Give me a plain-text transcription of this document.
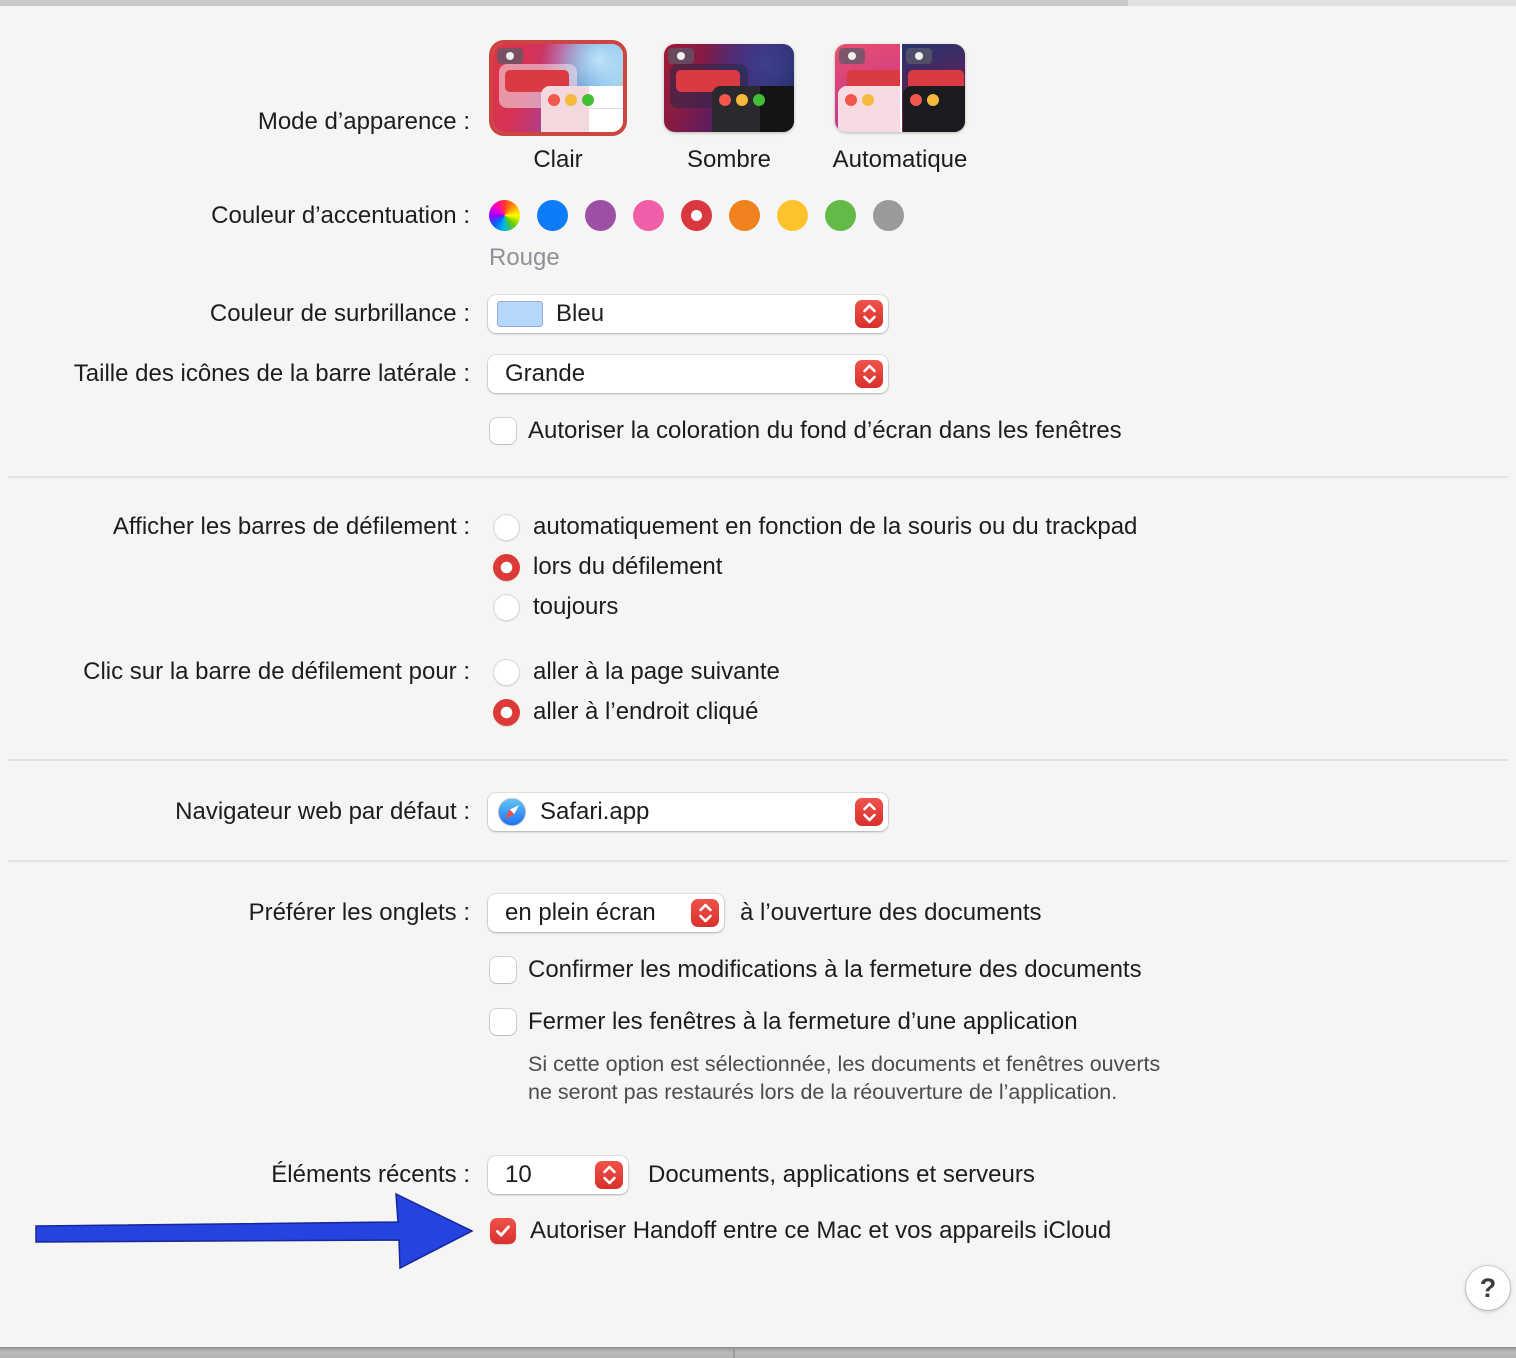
Mode d’apparence :
Clair	Sombre	Automatique
Couleur d’accentuation :
Rouge
Couleur de surbrillance :	Bleu
Taille des icônes de la barre latérale :	Grande
Autoriser la coloration du fond d’écran dans les fenêtres
Afficher les barres de défilement :	automatiquement en fonction de la souris ou du trackpad
lors du défilement
toujours
Clic sur la barre de défilement pour :	aller à la page suivante
aller à l’endroit cliqué
Navigateur web par défaut :	Safari.app
Préférer les onglets :	en plein écran	à l’ouverture des documents
Confirmer les modifications à la fermeture des documents
Fermer les fenêtres à la fermeture d’une application
Si cette option est sélectionnée, les documents et fenêtres ouverts ne seront pas restaurés lors de la réouverture de l’application.
Éléments récents :	10	Documents, applications et serveurs
Autoriser Handoff entre ce Mac et vos appareils iCloud
?
